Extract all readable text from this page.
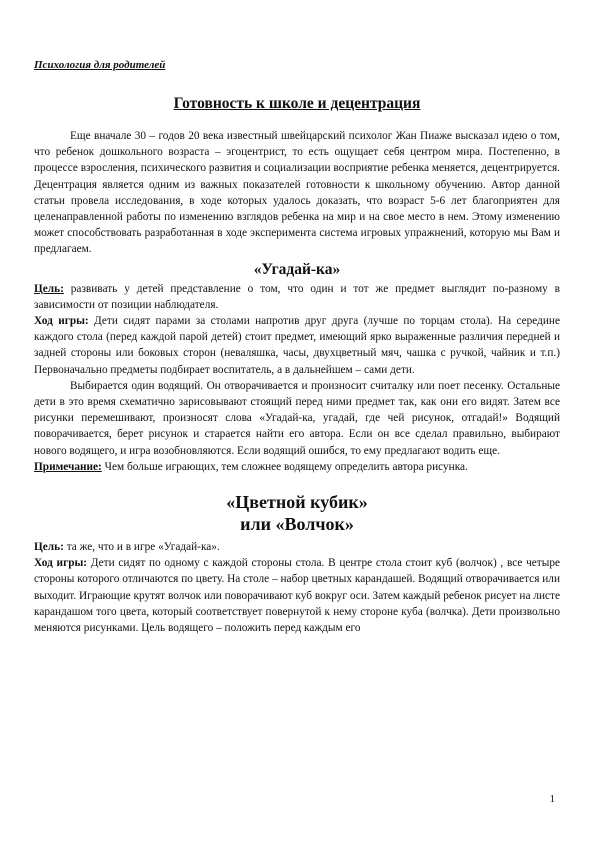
Психология для родителей
Готовность к школе и децентрация

Еще вначале 30 – годов 20 века известный швейцарский психолог Жан Пиаже высказал идею о том, что ребенок дошкольного возраста – эгоцентрист, то есть ощущает себя центром мира. Постепенно, в процессе взросления, психического развития и социализации восприятие ребенка меняется, децентрируется. Децентрация является одним из важных показателей готовности к школьному обучению. Автор данной статьи провела исследования, в ходе которых удалось доказать, что возраст 5-6 лет благоприятен для целенаправленной работы по изменению взглядов ребенка на мир и на свое место в нем. Этому изменению может способствовать разработанная в ходе эксперимента система игровых упражнений, которую мы Вам и предлагаем.

«Угадай-ка»

Цель: развивать у детей представление о том, что один и тот же предмет выглядит по-разному в зависимости от позиции наблюдателя.

Ход игры: Дети сидят парами за столами напротив друг друга (лучше по торцам стола). На середине каждого стола (перед каждой парой детей) стоит предмет, имеющий ярко выраженные различия передней и задней стороны или боковых сторон (неваляшка, часы, двухцветный мяч, чашка с ручкой, чайник и т.п.) Первоначально предметы подбирает воспитатель, а в дальнейшем – сами дети.

Выбирается один водящий. Он отворачивается и произносит считалку или поет песенку. Остальные дети в это время схематично зарисовывают стоящий перед ними предмет так, как они его видят. Затем все рисунки перемешивают, произносят слова «Угадай-ка, угадай, где чей рисунок, отгадай!» Водящий поворачивается, берет рисунок и старается найти его автора. Если он все сделал правильно, выбирают нового водящего, и игра возобновляются. Если водящий ошибся, то ему предлагают водить еще.

Примечание: Чем больше играющих, тем сложнее водящему определить автора рисунка.

«Цветной кубик»
или «Волчок»

Цель: та же, что и в игре «Угадай-ка».

Ход игры: Дети сидят по одному с каждой стороны стола. В центре стола стоит куб (волчок) , все четыре стороны которого отличаются по цвету. На столе – набор цветных карандашей. Водящий отворачивается или выходит. Играющие крутят волчок или поворачивают куб вокруг оси. Затем каждый ребенок рисует на листе карандашом того цвета, который соответствует повернутой к нему стороне куба (волчка). Дети произвольно меняются рисунками. Цель водящего – положить перед каждым его

1
